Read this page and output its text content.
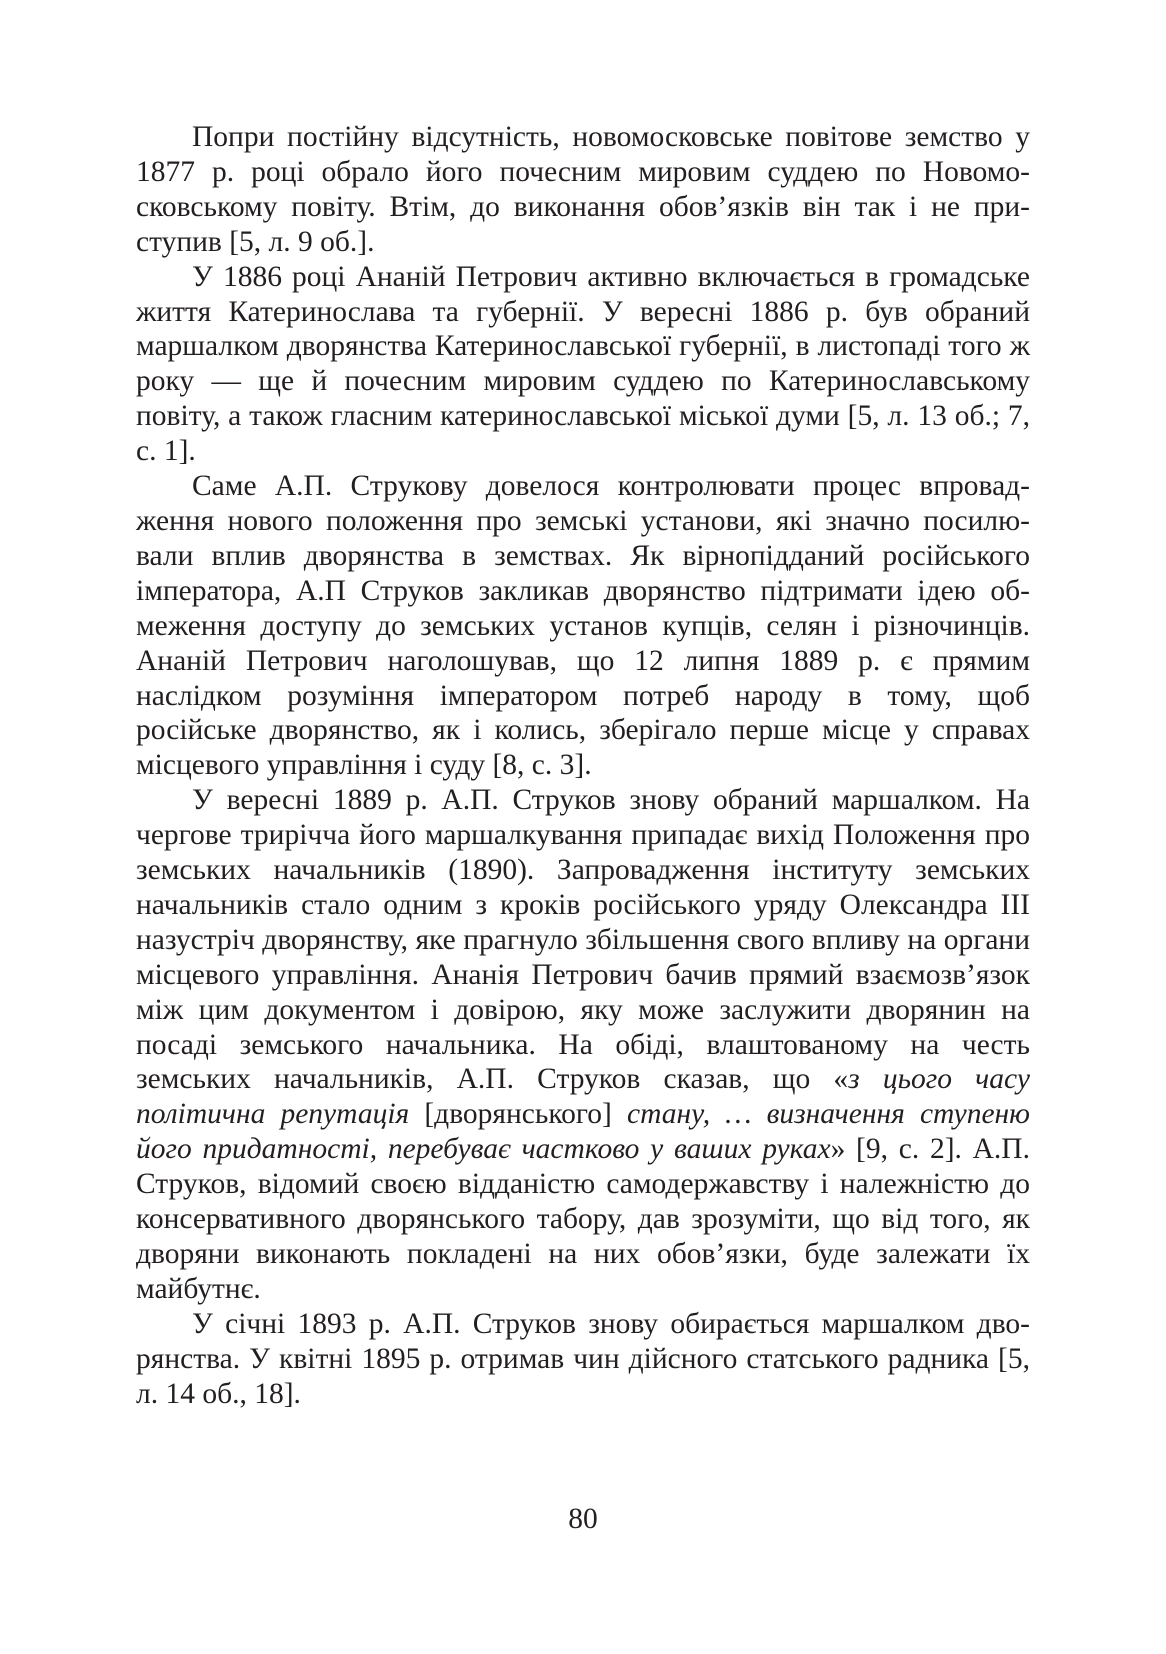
Попри постійну відсутність, новомосковське повітове земство у 1877 р. році обрало його почесним мировим суддею по Новомосковському повіту. Втім, до виконання обов’язків він так і не приступив [5, л. 9 об.].

У 1886 році Ананій Петрович активно включається в громадське життя Катеринослава та губернії. У вересні 1886 р. був обраний маршалком дворянства Катеринославської губернії, в листопаді того ж року — ще й почесним мировим суддею по Катеринославському повіту, а також гласним катеринославської міської думи [5, л. 13 об.; 7, с. 1].

Саме А.П. Струкову довелося контролювати процес впровадження нового положення про земські установи, які значно посилювали вплив дворянства в земствах. Як вірнопідданий російського імператора, А.П Струков закликав дворянство підтримати ідею обмеження доступу до земських установ купців, селян і різночинців. Ананій Петрович наголошував, що 12 липня 1889 р. є прямим наслідком розуміння імператором потреб народу в тому, щоб російське дворянство, як і колись, зберігало перше місце у справах місцевого управління і суду [8, с. 3].

У вересні 1889 р. А.П. Струков знову обраний маршалком. На чергове трирічча його маршалкування припадає вихід Положення про земських начальників (1890). Запровадження інституту земських начальників стало одним з кроків російського уряду Олександра III назустріч дворянству, яке прагнуло збільшення свого впливу на органи місцевого управління. Ананія Петрович бачив прямий взаємозв’язок між цим документом і довірою, яку може заслужити дворянин на посаді земського начальника. На обіді, влаштованому на честь земських начальників, А.П. Струков сказав, що «з цього часу політична репутація [дворянського] стану, … визначення ступеню його придатності, перебуває частково у ваших руках» [9, с. 2]. А.П. Струков, відомий своєю відданістю самодержавству і належністю до консервативного дворянського табору, дав зрозуміти, що від того, як дворяни виконають покладені на них обов’язки, буде залежати їх майбутнє.

У січні 1893 р. А.П. Струков знову обирається маршалком дворянства. У квітні 1895 р. отримав чин дійсного статського радника [5, л. 14 об., 18].

80
